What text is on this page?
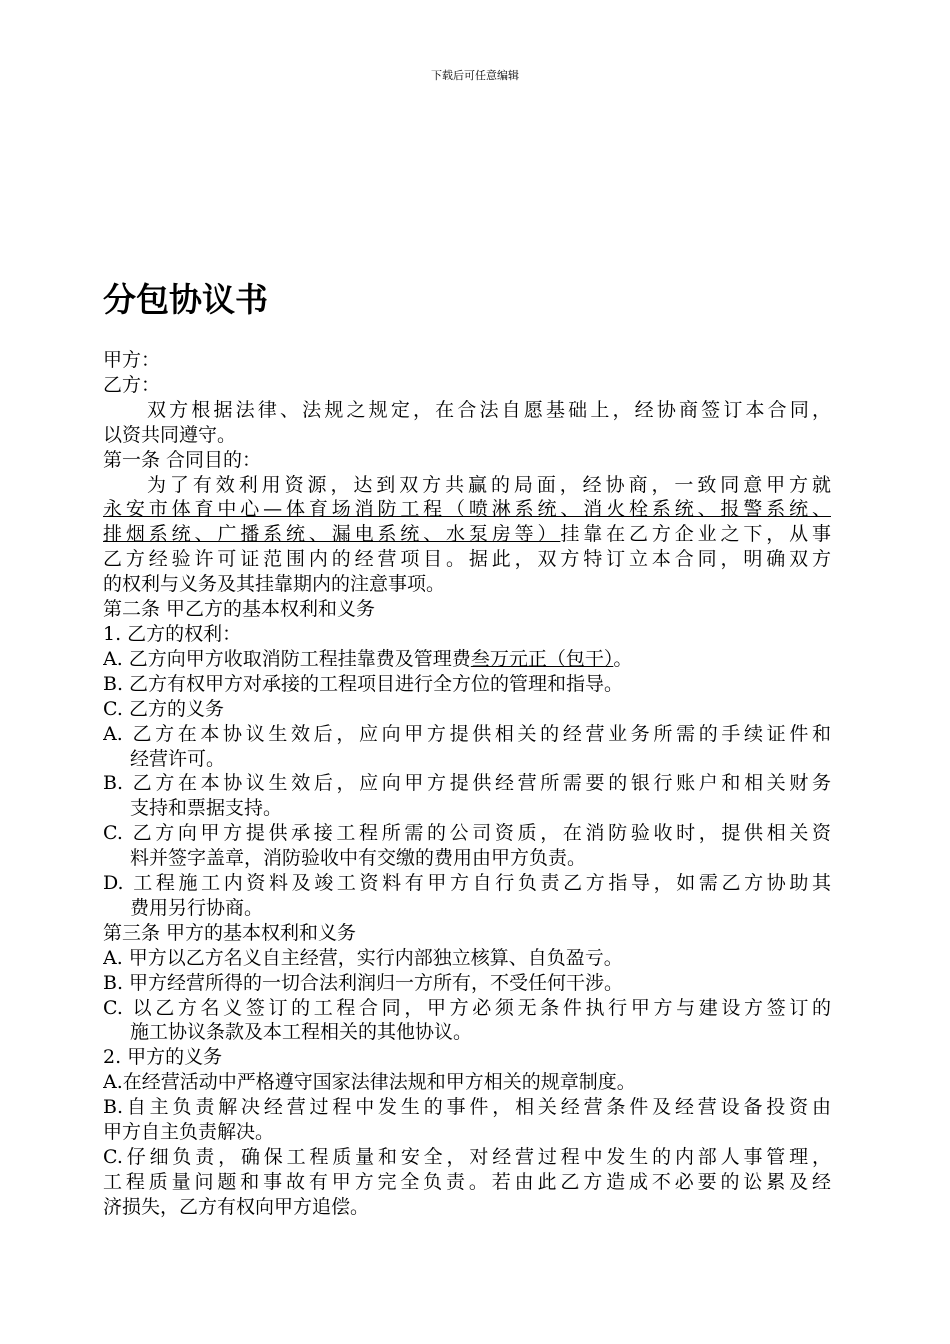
下载后可任意编辑
分包协议书
甲方：
乙方：
双方根据法律、法规之规定，在合法自愿基础上，经协商签订本合同，
以资共同遵守。
第一条 合同目的：
为了有效利用资源，达到双方共赢的局面，经协商，一致同意甲方就
永安市体育中心—体育场消防工程（喷淋系统、消火栓系统、报警系统、
排烟系统、广播系统、漏电系统、水泵房等）挂靠在乙方企业之下，从事
乙方经验许可证范围内的经营项目。据此，双方特订立本合同，明确双方
的权利与义务及其挂靠期内的注意事项。
第二条 甲乙方的基本权利和义务
1. 乙方的权利：
A. 乙方向甲方收取消防工程挂靠费及管理费叁万元正（包干）。
B. 乙方有权甲方对承接的工程项目进行全方位的管理和指导。
C. 乙方的义务
A. 乙方在本协议生效后，应向甲方提供相关的经营业务所需的手续证件和
经营许可。
B. 乙方在本协议生效后，应向甲方提供经营所需要的银行账户和相关财务
支持和票据支持。
C. 乙方向甲方提供承接工程所需的公司资质，在消防验收时，提供相关资
料并签字盖章，消防验收中有交缴的费用由甲方负责。
D. 工程施工内资料及竣工资料有甲方自行负责乙方指导，如需乙方协助其
费用另行协商。
第三条 甲方的基本权利和义务
A. 甲方以乙方名义自主经营，实行内部独立核算、自负盈亏。
B. 甲方经营所得的一切合法利润归一方所有，不受任何干涉。
C. 以乙方名义签订的工程合同，甲方必须无条件执行甲方与建设方签订的
施工协议条款及本工程相关的其他协议。
2. 甲方的义务
A.在经营活动中严格遵守国家法律法规和甲方相关的规章制度。
B.自主负责解决经营过程中发生的事件，相关经营条件及经营设备投资由
甲方自主负责解决。
C.仔细负责，确保工程质量和安全，对经营过程中发生的内部人事管理，
工程质量问题和事故有甲方完全负责。若由此乙方造成不必要的讼累及经
济损失，乙方有权向甲方追偿。
